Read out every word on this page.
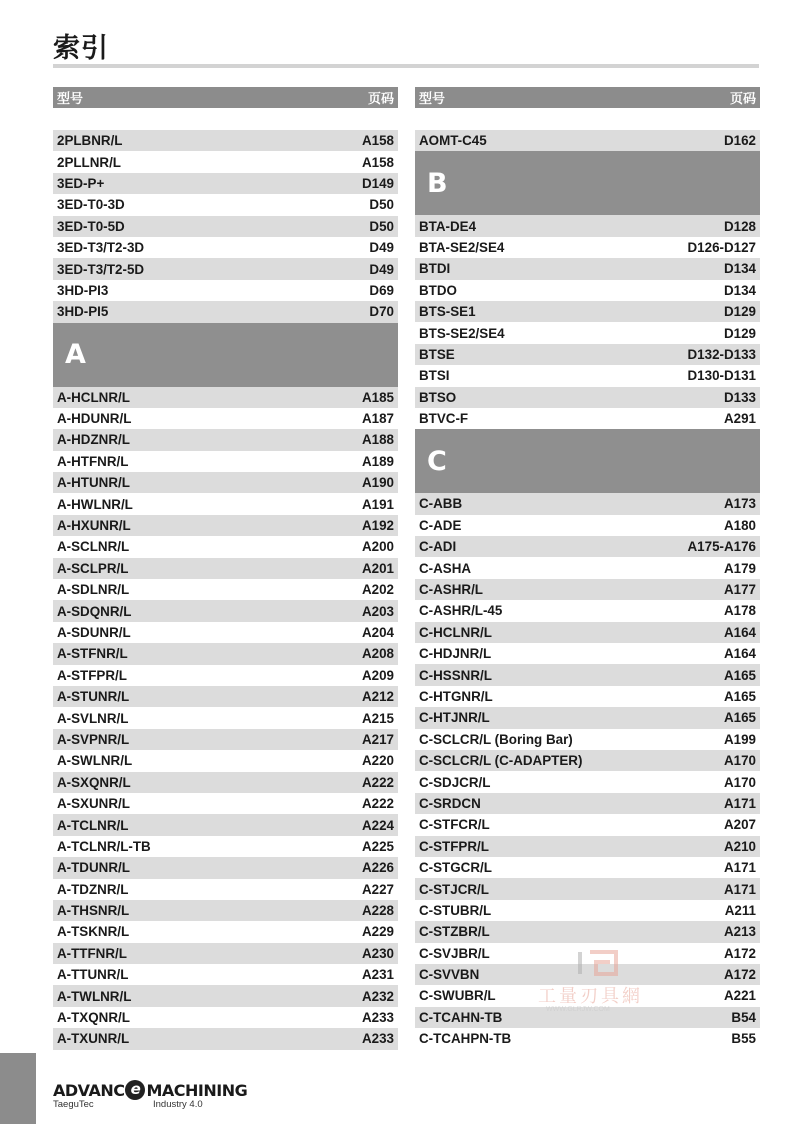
索引
型号	页码
2PLBNR/L	A158
2PLLNR/L	A158
3ED-P+	D149
3ED-T0-3D	D50
3ED-T0-5D	D50
3ED-T3/T2-3D	D49
3ED-T3/T2-5D	D49
3HD-PI3	D69
3HD-PI5	D70
A
A-HCLNR/L	A185
A-HDUNR/L	A187
A-HDZNR/L	A188
A-HTFNR/L	A189
A-HTUNR/L	A190
A-HWLNR/L	A191
A-HXUNR/L	A192
A-SCLNR/L	A200
A-SCLPR/L	A201
A-SDLNR/L	A202
A-SDQNR/L	A203
A-SDUNR/L	A204
A-STFNR/L	A208
A-STFPR/L	A209
A-STUNR/L	A212
A-SVLNR/L	A215
A-SVPNR/L	A217
A-SWLNR/L	A220
A-SXQNR/L	A222
A-SXUNR/L	A222
A-TCLNR/L	A224
A-TCLNR/L-TB	A225
A-TDUNR/L	A226
A-TDZNR/L	A227
A-THSNR/L	A228
A-TSKNR/L	A229
A-TTFNR/L	A230
A-TTUNR/L	A231
A-TWLNR/L	A232
A-TXQNR/L	A233
A-TXUNR/L	A233
型号	页码
AOMT-C45	D162
B
BTA-DE4	D128
BTA-SE2/SE4	D126-D127
BTDI	D134
BTDO	D134
BTS-SE1	D129
BTS-SE2/SE4	D129
BTSE	D132-D133
BTSI	D130-D131
BTSO	D133
BTVC-F	A291
C
C-ABB	A173
C-ADE	A180
C-ADI	A175-A176
C-ASHA	A179
C-ASHR/L	A177
C-ASHR/L-45	A178
C-HCLNR/L	A164
C-HDJNR/L	A164
C-HSSNR/L	A165
C-HTGNR/L	A165
C-HTJNR/L	A165
C-SCLCR/L (Boring Bar)	A199
C-SCLCR/L (C-ADAPTER)	A170
C-SDJCR/L	A170
C-SRDCN	A171
C-STFCR/L	A207
C-STFPR/L	A210
C-STGCR/L	A171
C-STJCR/L	A171
C-STUBR/L	A211
C-STZBR/L	A213
C-SVJBR/L	A172
C-SVVBN	A172
C-SWUBR/L	A221
C-TCAHN-TB	B54
C-TCAHPN-TB	B55
ADVANC e MACHINING
TaeguTec	Industry 4.0
工量刃具網
WWW.GLRJW.COM
